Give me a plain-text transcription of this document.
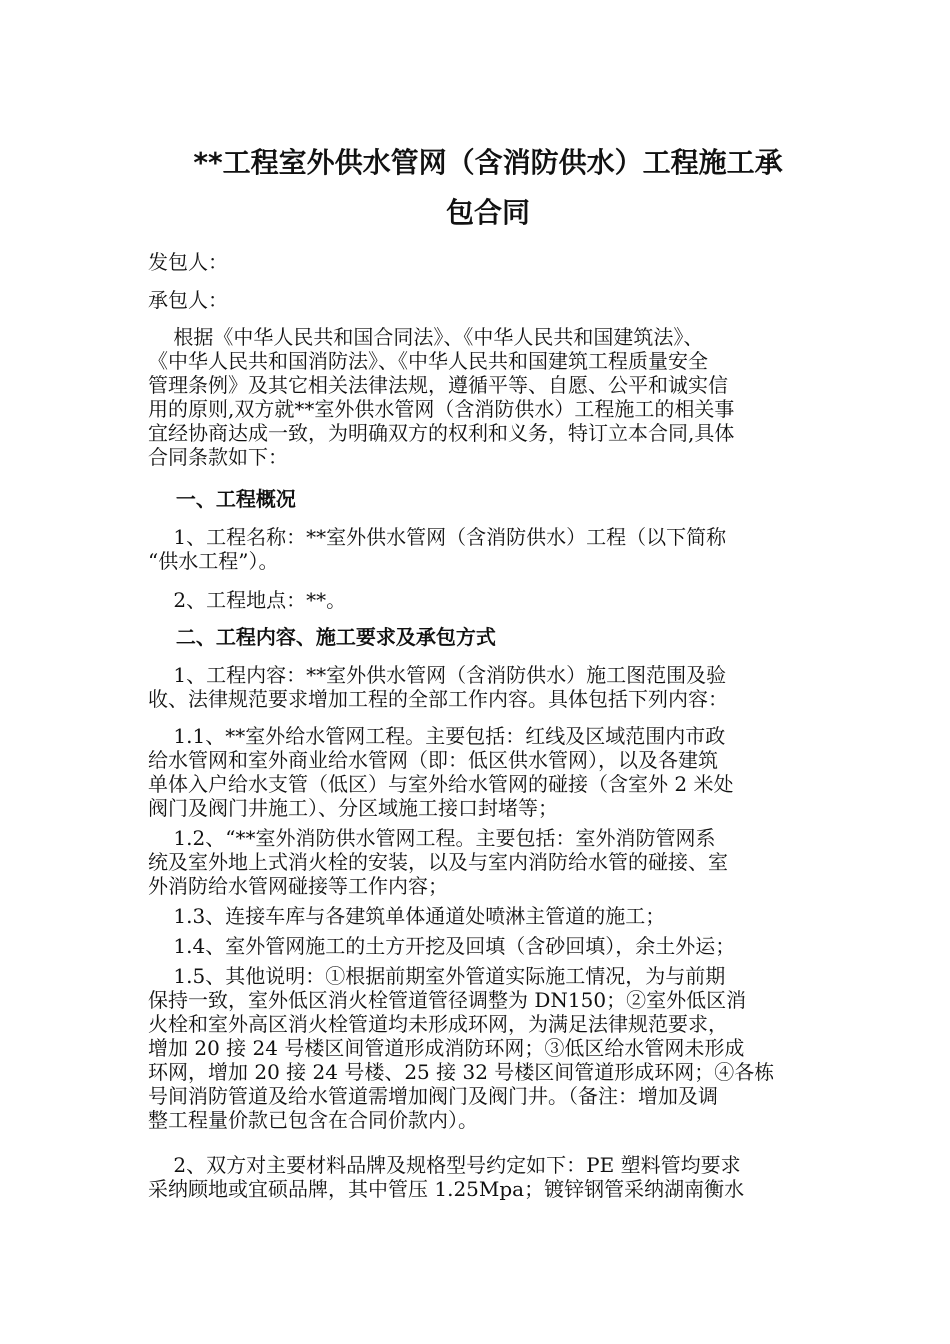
**工程室外供水管网（含消防供水）工程施工承
包合同
发包人：
承包人：
根据《中华人民共和国合同法》、《中华人民共和国建筑法》、
《中华人民共和国消防法》、《中华人民共和国建筑工程质量安全
管理条例》及其它相关法律法规，遵循平等、自愿、公平和诚实信
用的原则,双方就**室外供水管网（含消防供水）工程施工的相关事
宜经协商达成一致，为明确双方的权利和义务，特订立本合同,具体
合同条款如下：
一、工程概况
1、工程名称：**室外供水管网（含消防供水）工程（以下简称
“供水工程”）。
2、工程地点：**。
二、工程内容、施工要求及承包方式
1、工程内容：**室外供水管网（含消防供水）施工图范围及验
收、法律规范要求增加工程的全部工作内容。具体包括下列内容：
1.1、**室外给水管网工程。主要包括：红线及区域范围内市政
给水管网和室外商业给水管网（即：低区供水管网），以及各建筑
单体入户给水支管（低区）与室外给水管网的碰接（含室外 2 米处
阀门及阀门井施工）、分区域施工接口封堵等；
1.2、“**室外消防供水管网工程。主要包括：室外消防管网系
统及室外地上式消火栓的安装，以及与室内消防给水管的碰接、室
外消防给水管网碰接等工作内容；
1.3、连接车库与各建筑单体通道处喷淋主管道的施工；
1.4、室外管网施工的土方开挖及回填（含砂回填），余土外运；
1.5、其他说明：①根据前期室外管道实际施工情况，为与前期
保持一致，室外低区消火栓管道管径调整为 DN150；②室外低区消
火栓和室外高区消火栓管道均未形成环网，为满足法律规范要求，
增加 20 接 24 号楼区间管道形成消防环网；③低区给水管网未形成
环网，增加 20 接 24 号楼、25 接 32 号楼区间管道形成环网；④各栋
号间消防管道及给水管道需增加阀门及阀门井。（备注：增加及调
整工程量价款已包含在合同价款内）。
2、双方对主要材料品牌及规格型号约定如下：PE 塑料管均要求
采纳顾地或宜硕品牌，其中管压 1.25Mpa；镀锌钢管采纳湖南衡水
